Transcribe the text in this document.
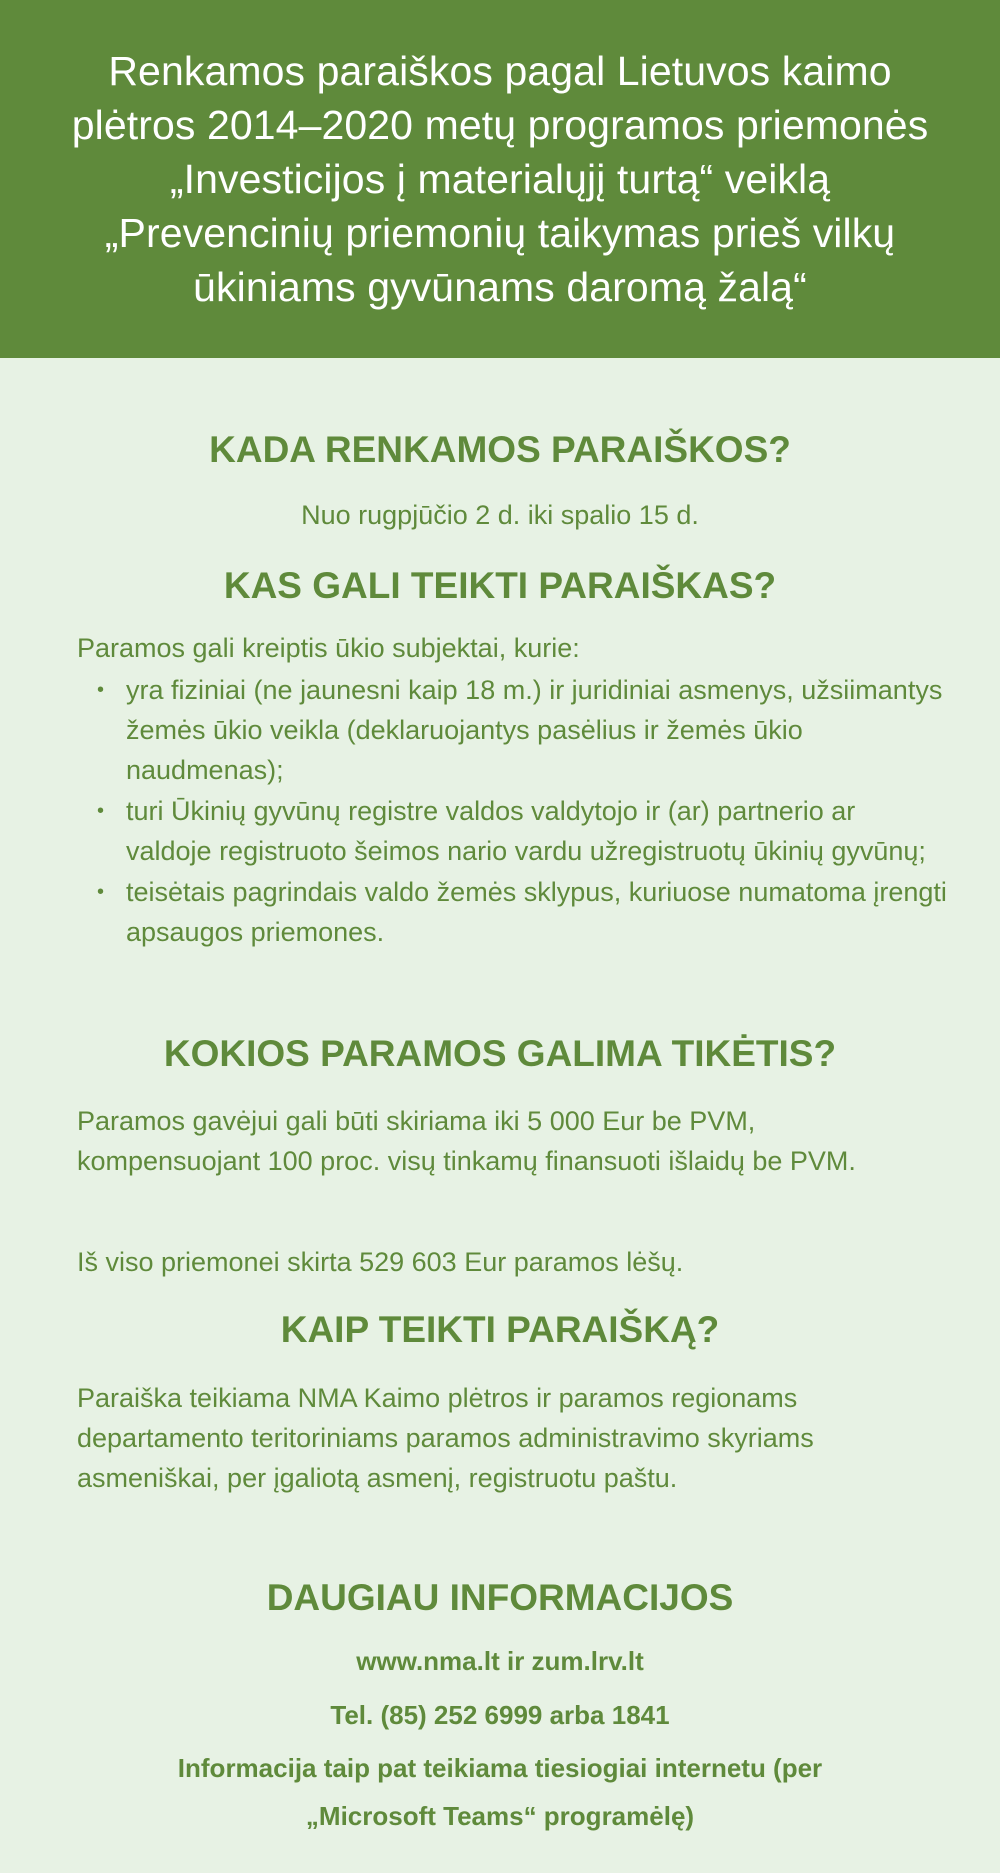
Renkamos paraiškos pagal Lietuvos kaimo plėtros 2014–2020 metų programos priemonės „Investicijos į materialųjį turtą“ veiklą „Prevencinių priemonių taikymas prieš vilkų ūkiniams gyvūnams daromą žalą“
KADA RENKAMOS PARAIŠKOS?
Nuo rugpjūčio 2 d. iki spalio 15 d.
KAS GALI TEIKTI PARAIŠKAS?

Paramos gali kreiptis ūkio subjektai, kurie:

• yra fiziniai (ne jaunesni kaip 18 m.) ir juridiniai asmenys, užsiimantys žemės ūkio veikla (deklaruojantys pasėlius ir žemės ūkio naudmenas);
• turi Ūkinių gyvūnų registre valdos valdytojo ir (ar) partnerio ar valdoje registruoto šeimos nario vardu užregistruotų ūkinių gyvūnų;
• teisėtais pagrindais valdo žemės sklypus, kuriuose numatoma įrengti apsaugos priemones.
KOKIOS PARAMOS GALIMA TIKĖTIS?

Paramos gavėjui gali būti skiriama iki 5 000 Eur be PVM, kompensuojant 100 proc. visų tinkamų finansuoti išlaidų be PVM.

Iš viso priemonei skirta 529 603 Eur paramos lėšų.

KAIP TEIKTI PARAIŠKĄ?

Paraiška teikiama NMA Kaimo plėtros ir paramos regionams departamento teritoriniams paramos administravimo skyriams asmeniškai, per įgaliotą asmenį, registruotu paštu.

DAUGIAU INFORMACIJOS
www.nma.lt ir zum.lrv.lt
Tel. (85) 252 6999 arba 1841
Informacija taip pat teikiama tiesiogiai internetu (per
„Microsoft Teams“ programėlę)
